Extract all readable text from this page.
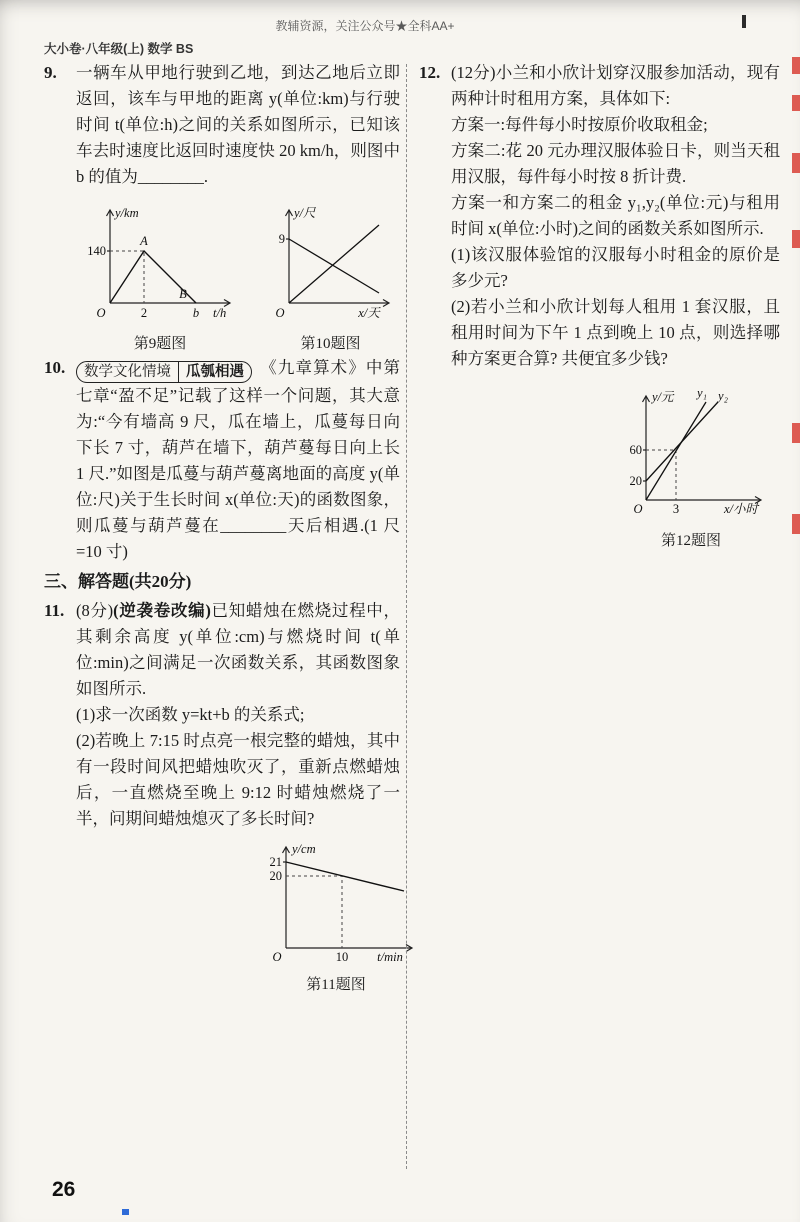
教辅资源，关注公众号★全科AA+
大小卷·八年级(上) 数学 BS
9.	一辆车从甲地行驶到乙地，到达乙地后立即返回，该车与甲地的距离 y(单位:km)与行驶时间 t(单位:h)之间的关系如图所示，已知该车去时速度比返回时速度快 20 km/h，则图中 b 的值为________.
140
A
B
O	2	b t/h
y/km
第9题图
9
O	x/天
y/尺
第10题图
10.	数学文化情境	瓜瓠相遇 《九章算术》中第七章“盈不足”记载了这样一个问题，其大意为:“今有墙高 9 尺，瓜在墙上，瓜蔓每日向下长 7 寸，葫芦在墙下，葫芦蔓每日向上长 1 尺.”如图是瓜蔓与葫芦蔓离地面的高度 y(单位:尺)关于生长时间 x(单位:天)的函数图象，则瓜蔓与葫芦蔓在________天后相遇.(1 尺=10 寸)
三、解答题(共20分)
11. (8分)(逆袭卷改编)已知蜡烛在燃烧过程中，其剩余高度 y(单位:cm)与燃烧时间 t(单位:min)之间满足一次函数关系，其函数图象如图所示.
(1)求一次函数 y=kt+b 的关系式;
(2)若晚上 7:15 时点亮一根完整的蜡烛，其中有一段时间风把蜡烛吹灭了，重新点燃蜡烛后，一直燃烧至晚上 9:12 时蜡烛燃烧了一半，问期间蜡烛熄灭了多长时间?
21
20
10
O	t/min
y/cm
第11题图
12. (12分)小兰和小欣计划穿汉服参加活动，现有两种计时租用方案，具体如下:
方案一:每件每小时按原价收取租金;
方案二:花 20 元办理汉服体验日卡，则当天租用汉服，每件每小时按 8 折计费.
方案一和方案二的租金 y₁,y₂(单位:元)与租用时间 x(单位:小时)之间的函数关系如图所示.
(1)该汉服体验馆的汉服每小时租金的原价是多少元?
(2)若小兰和小欣计划每人租用 1 套汉服，且租用时间为下午 1 点到晚上 10 点，则选择哪种方案更合算? 共便宜多少钱?
60
20
3
O	x/小时
y/元 y₁ y₂
第12题图
26
